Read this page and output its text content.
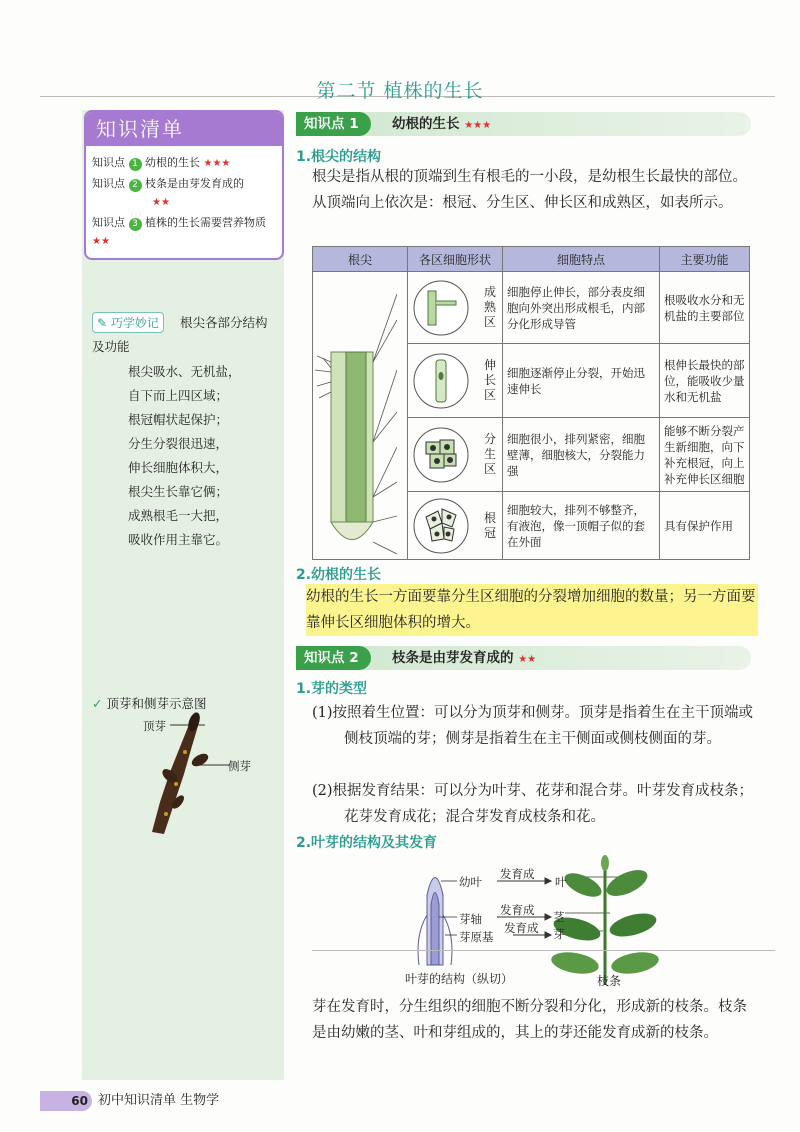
第二节 植株的生长
知识清单
知识点 1 幼根的生长 ★★★
知识点 2 枝条是由芽发育成的
★★
知识点 3 植株的生长需要营养物质 ★★
✎ 巧学妙记	根尖各部分结构
及功能
根尖吸水、无机盐，
自下而上四区域；
根冠帽状起保护；
分生分裂很迅速，
伸长细胞体积大，
根尖生长靠它俩；
成熟根毛一大把，
吸收作用主靠它。
✓ 顶芽和侧芽示意图
顶芽
侧芽
知识点 1	幼根的生长 ★★★
1.根尖的结构
根尖是指从根的顶端到生有根毛的一小段，是幼根生长最快的部位。从顶端向上依次是：根冠、分生区、伸长区和成熟区，如表所示。
根尖	各区细胞形状	细胞特点	主要功能

成熟区	细胞停止伸长，部分表皮细胞向外突出形成根毛，内部分化形成导管	根吸收水分和无机盐的主要部位

	伸长区	细胞逐渐停止分裂，开始迅速伸长	根伸长最快的部位，能吸收少量水和无机盐

	分生区	细胞很小，排列紧密，细胞壁薄，细胞核大，分裂能力强	能够不断分裂产生新细胞，向下补充根冠，向上补充伸长区细胞

	根冠	细胞较大，排列不够整齐，有液泡，像一顶帽子似的套在外面	具有保护作用
2.幼根的生长
幼根的生长一方面要靠分生区细胞的分裂增加细胞的数量；另一方面要靠伸长区细胞体积的增大。
知识点 2	枝条是由芽发育成的 ★★
1.芽的类型
(1)按照着生位置：可以分为顶芽和侧芽。顶芽是指着生在主干顶端或侧枝顶端的芽；侧芽是指着生在主干侧面或侧枝侧面的芽。
(2)根据发育结果：可以分为叶芽、花芽和混合芽。叶芽发育成枝条；花芽发育成花；混合芽发育成枝条和花。
2.叶芽的结构及其发育
幼叶
发育成
叶
芽轴
发育成 茎
芽原基
发育成 芽
叶芽的结构（纵切）	枝条
芽在发育时，分生组织的细胞不断分裂和分化，形成新的枝条。枝条是由幼嫩的茎、叶和芽组成的，其上的芽还能发育成新的枝条。
60 初中知识清单 生物学
